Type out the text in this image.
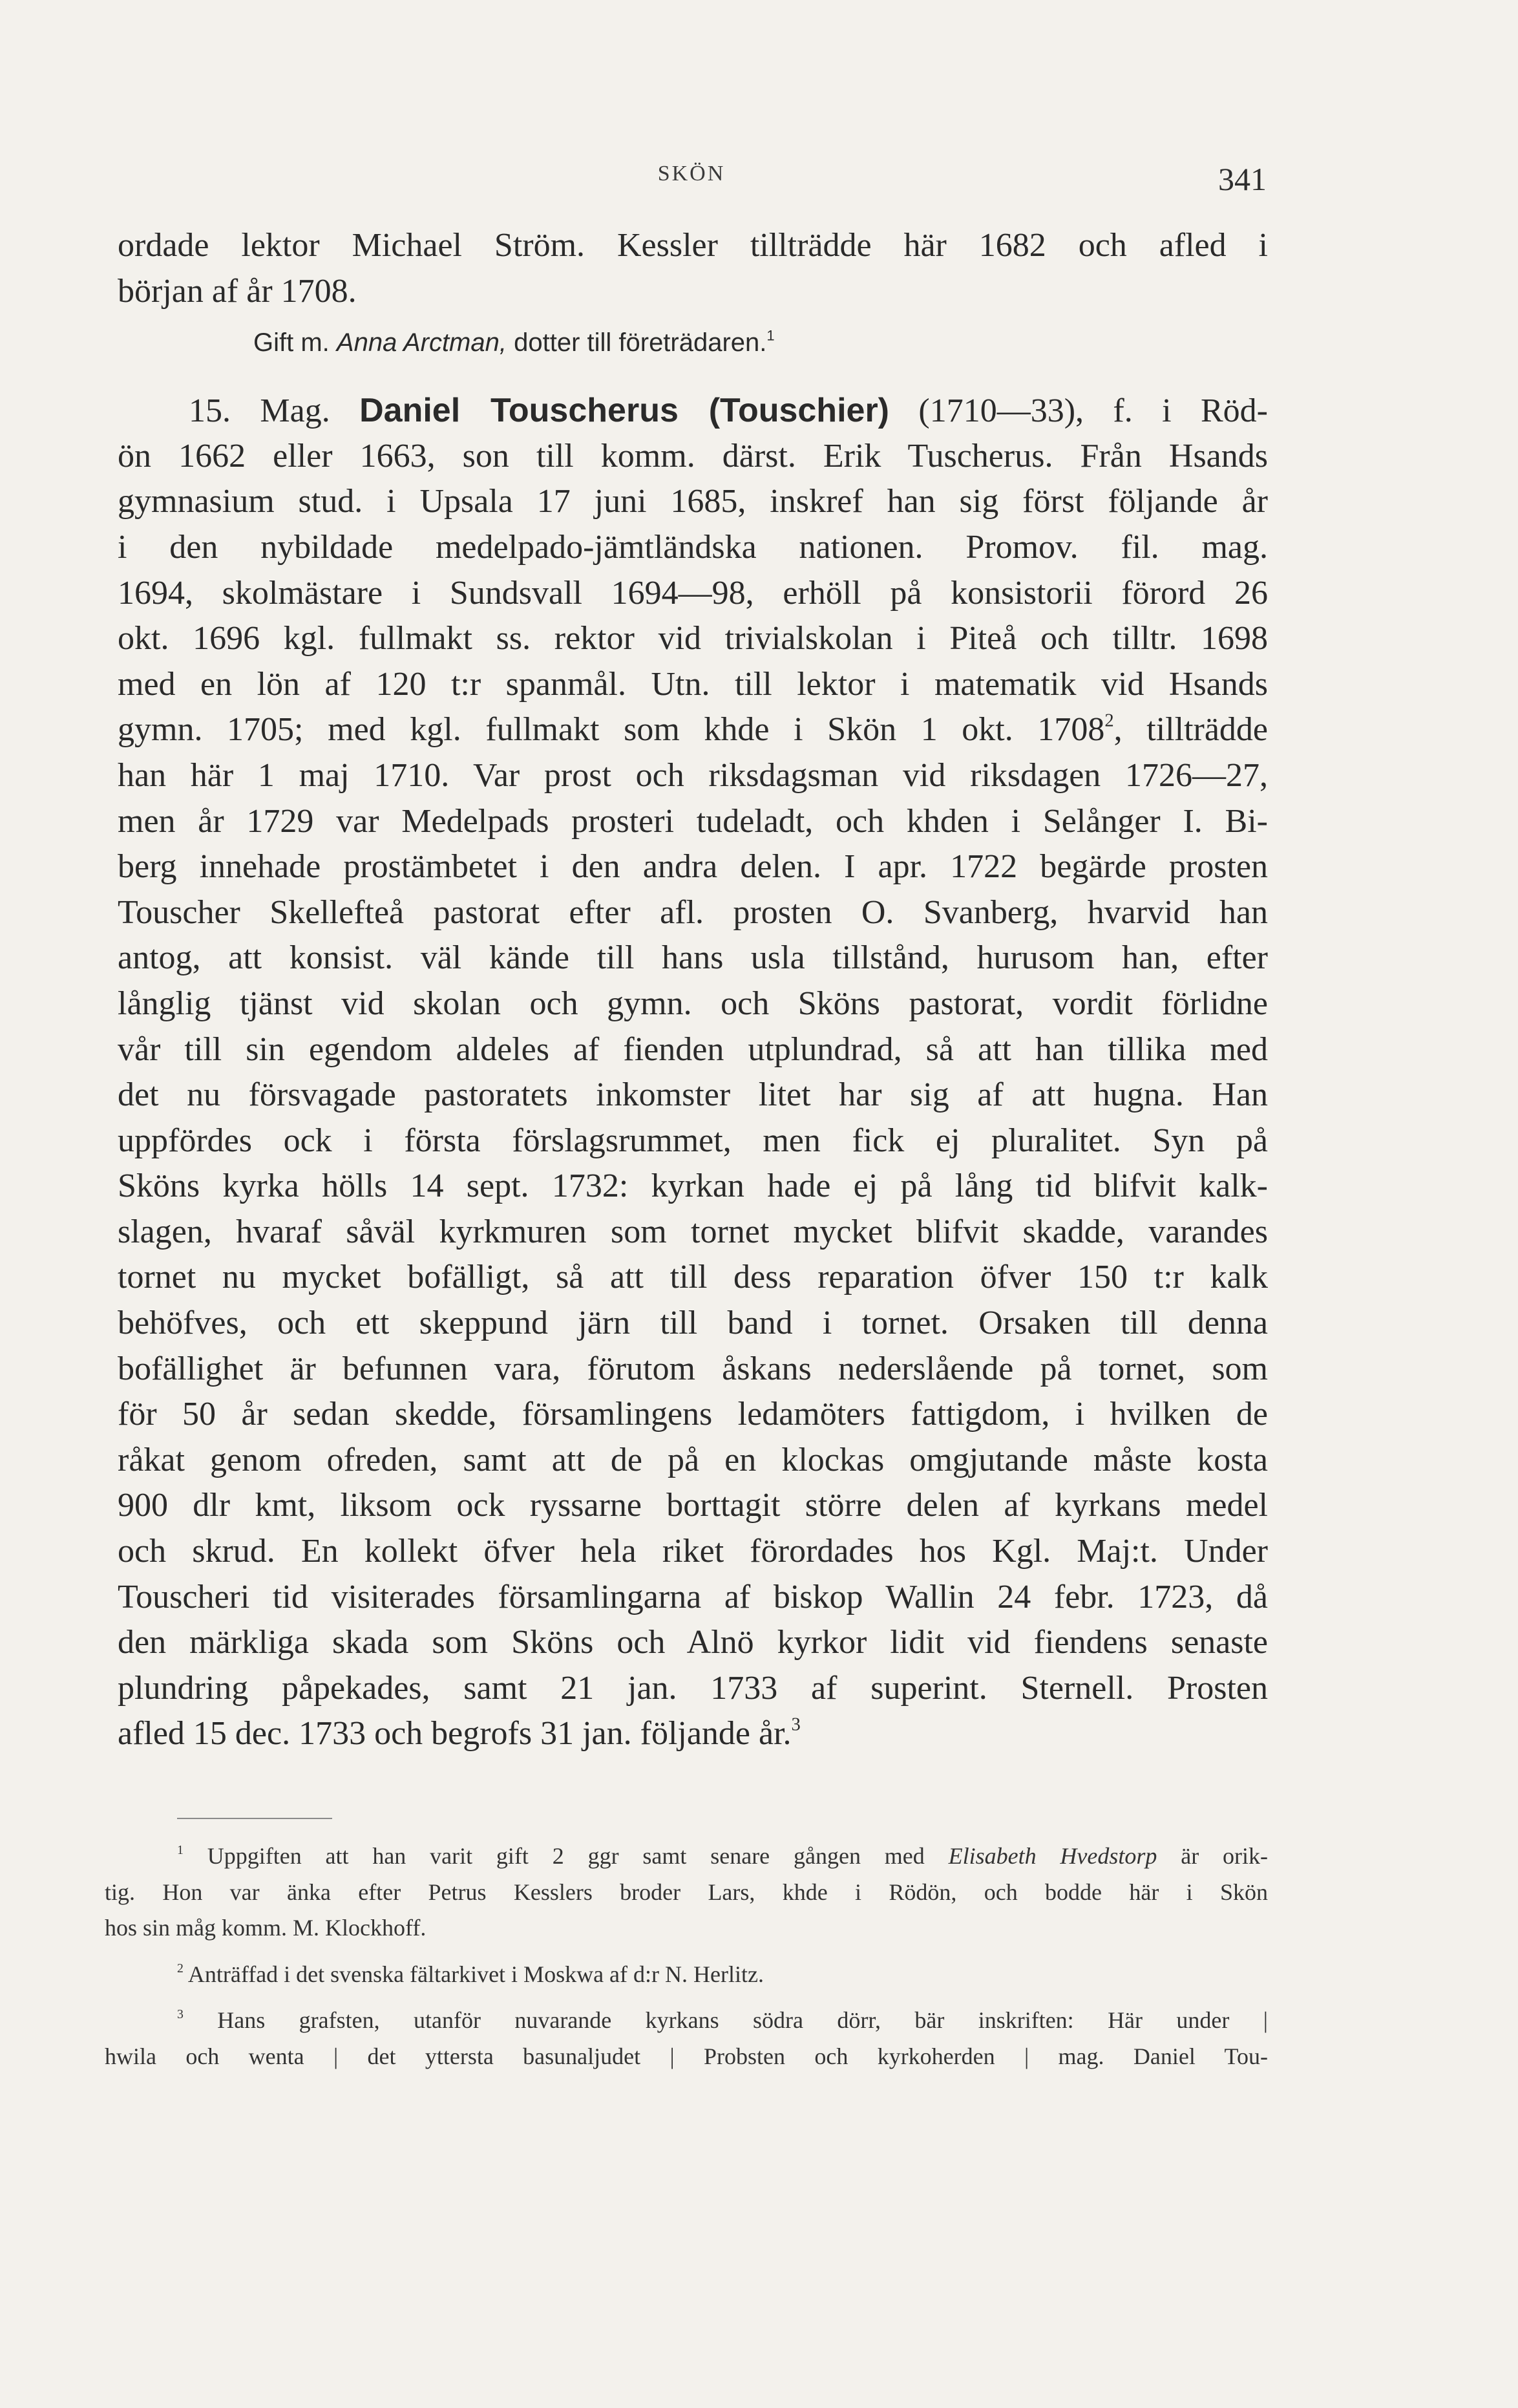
SKÖN	341
ordade lektor Michael Ström. Kessler tillträdde här 1682 och afled i
början af år 1708.
Gift m. Anna Arctman, dotter till företrädaren.$^1$
15. Mag. Daniel Touscherus (Touschier) (1710—33), f. i Röd-
ön 1662 eller 1663, son till komm. därst. Erik Tuscherus. Från Hsands
gymnasium stud. i Upsala 17 juni 1685, inskref han sig först följande år
i den nybildade medelpado-jämtländska nationen. Promov. fil. mag.
1694, skolmästare i Sundsvall 1694—98, erhöll på konsistorii förord 26
okt. 1696 kgl. fullmakt ss. rektor vid trivialskolan i Piteå och tilltr. 1698
med en lön af 120 t:r spanmål. Utn. till lektor i matematik vid Hsands
gymn. 1705; med kgl. fullmakt som khde i Skön 1 okt. 1708$^2$, tillträdde
han här 1 maj 1710. Var prost och riksdagsman vid riksdagen 1726—27,
men år 1729 var Medelpads prosteri tudeladt, och khden i Selånger I. Bi-
berg innehade prostämbetet i den andra delen. I apr. 1722 begärde prosten
Touscher Skellefteå pastorat efter afl. prosten O. Svanberg, hvarvid han
antog, att konsist. väl kände till hans usla tillstånd, hurusom han, efter
långlig tjänst vid skolan och gymn. och Sköns pastorat, vordit förlidne
vår till sin egendom aldeles af fienden utplundrad, så att han tillika med
det nu försvagade pastoratets inkomster litet har sig af att hugna. Han
uppfördes ock i första förslagsrummet, men fick ej pluralitet. Syn på
Sköns kyrka hölls 14 sept. 1732: kyrkan hade ej på lång tid blifvit kalk-
slagen, hvaraf såväl kyrkmuren som tornet mycket blifvit skadde, varandes
tornet nu mycket bofälligt, så att till dess reparation öfver 150 t:r kalk
behöfves, och ett skeppund järn till band i tornet. Orsaken till denna
bofällighet är befunnen vara, förutom åskans nederslående på tornet, som
för 50 år sedan skedde, församlingens ledamöters fattigdom, i hvilken de
råkat genom ofreden, samt att de på en klockas omgjutande måste kosta
900 dlr kmt, liksom ock ryssarne borttagit större delen af kyrkans medel
och skrud. En kollekt öfver hela riket förordades hos Kgl. Maj:t. Under
Touscheri tid visiterades församlingarna af biskop Wallin 24 febr. 1723, då
den märkliga skada som Sköns och Alnö kyrkor lidit vid fiendens senaste
plundring påpekades, samt 21 jan. 1733 af superint. Sternell. Prosten
afled 15 dec. 1733 och begrofs 31 jan. följande år.$^3$
$^1$ Uppgiften att han varit gift 2 ggr samt senare gången med Elisabeth Hvedstorp är orik-
tig. Hon var änka efter Petrus Kesslers broder Lars, khde i Rödön, och bodde här i Skön
hos sin måg komm. M. Klockhoff.
$^2$ Anträffad i det svenska fältarkivet i Moskwa af d:r N. Herlitz.
$^3$ Hans grafsten, utanför nuvarande kyrkans södra dörr, bär inskriften: Här under |
hwila och wenta | det yttersta basunaljudet | Probsten och kyrkoherden | mag. Daniel Tou-
